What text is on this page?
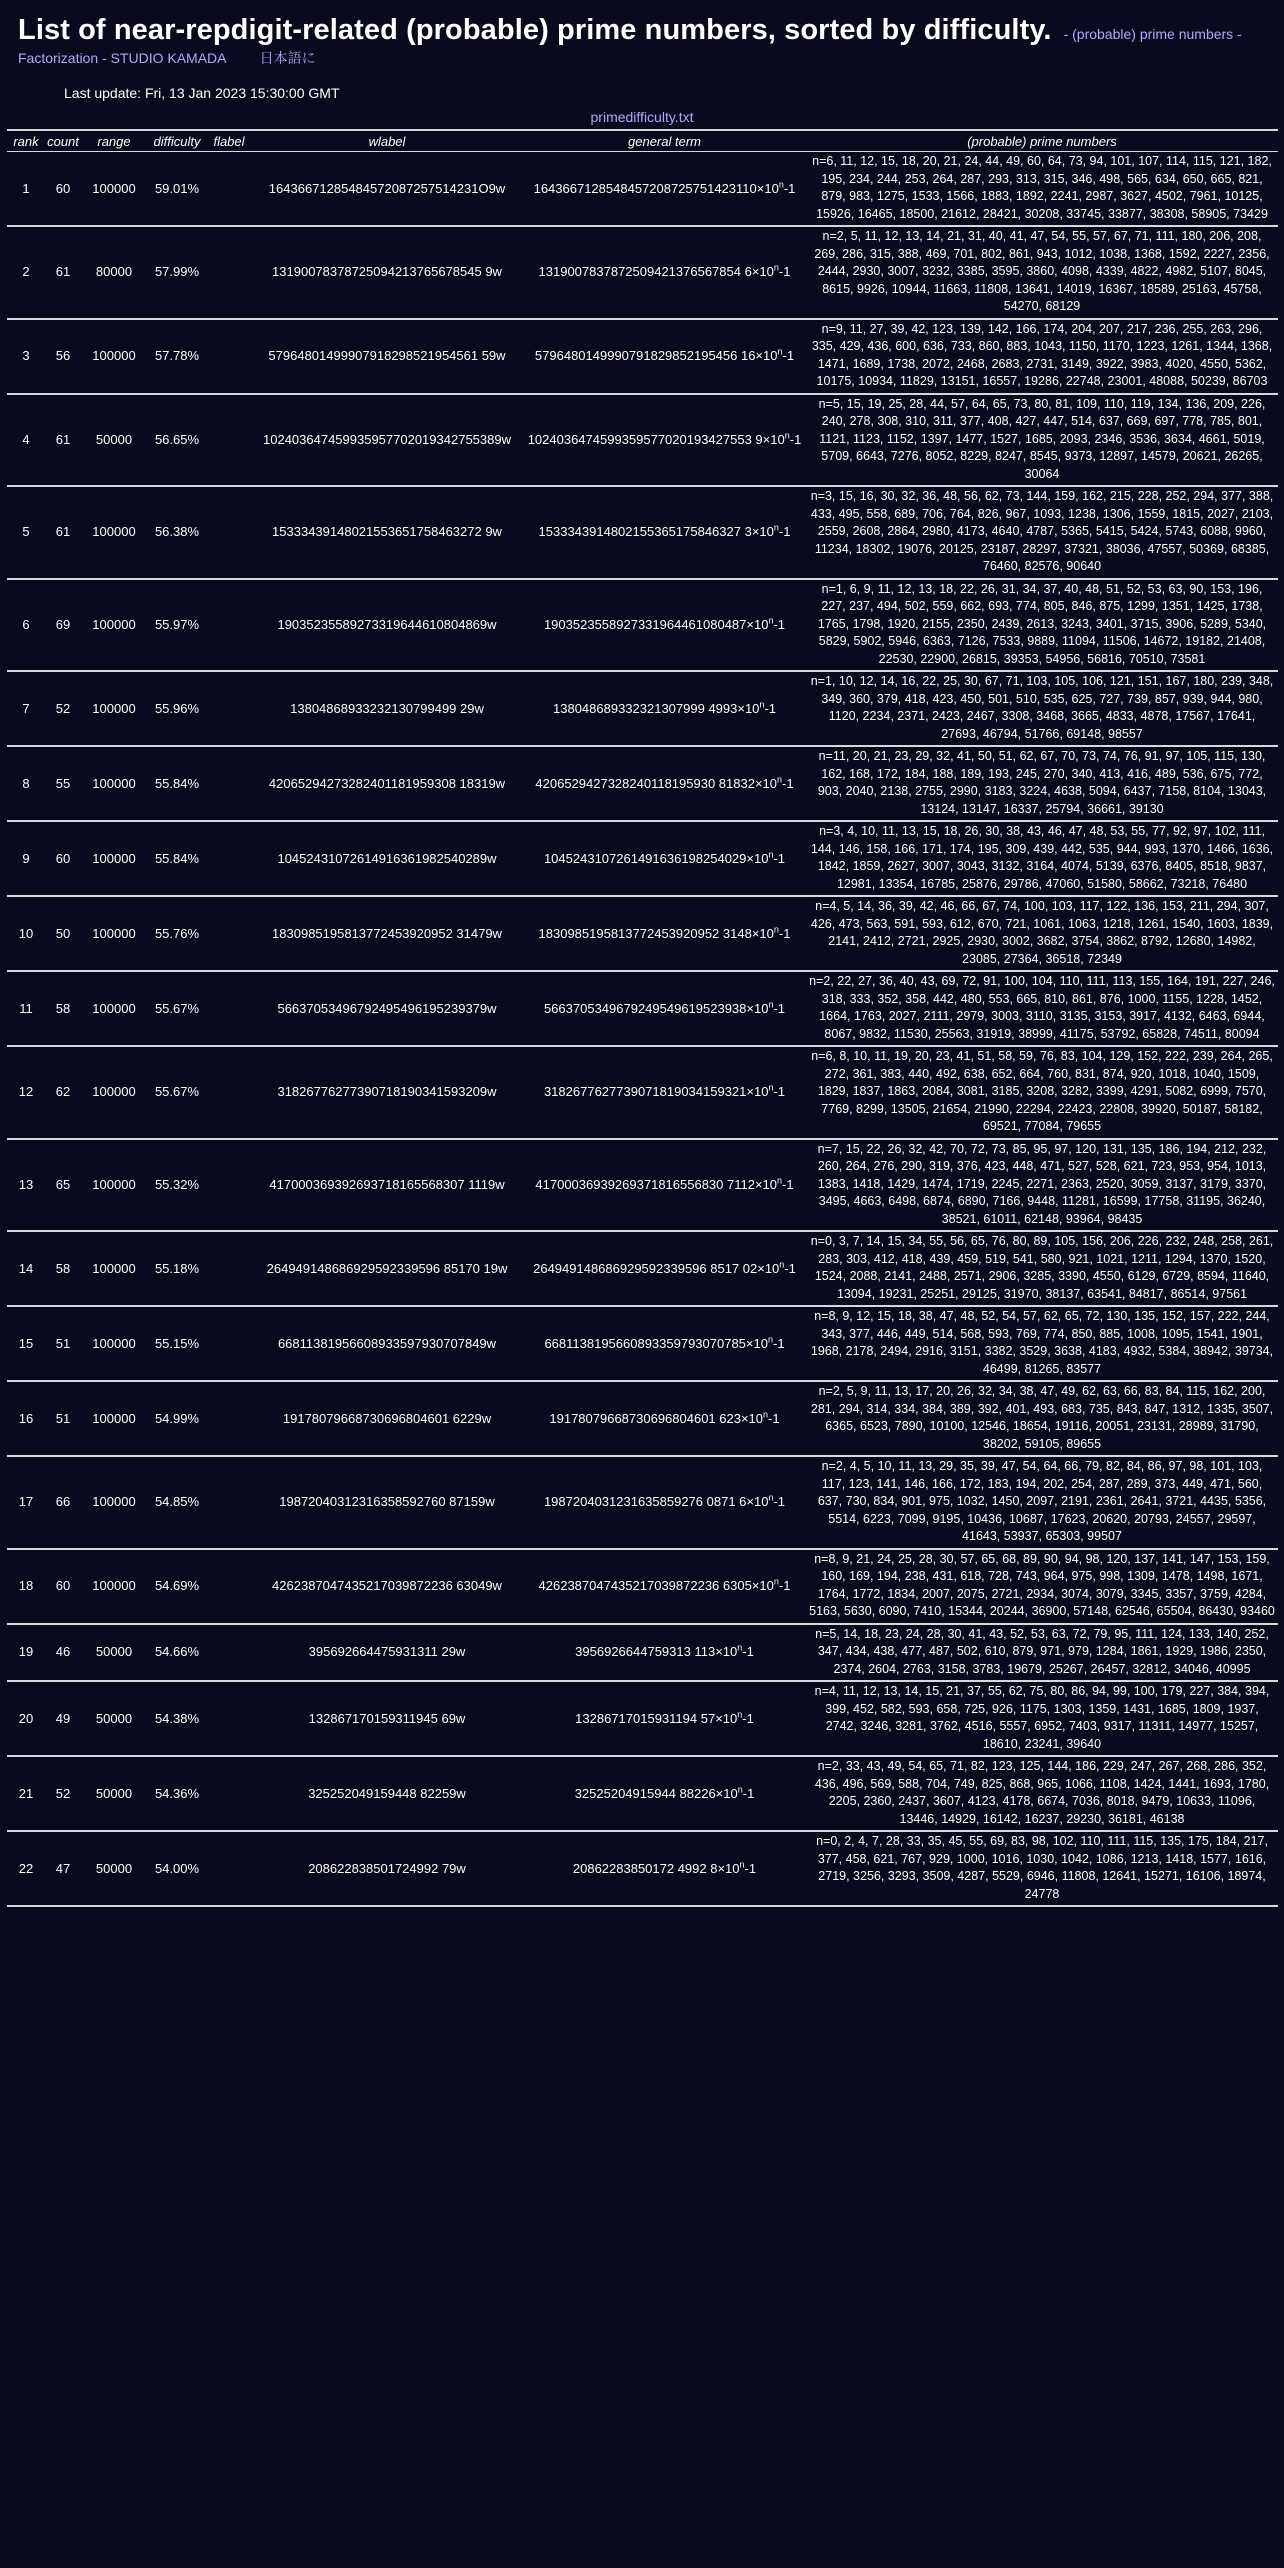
List of near-repdigit-related (probable) prime numbers, sorted by difficulty. - (probable) prime numbers -
Factorization - STUDIO KAMADA 日本語に
Last update: Fri, 13 Jan 2023 15:30:00 GMT
primedifficulty.txt
rank	count	range	difficulty	flabel	wlabel	general term	(probable) prime numbers
1	60	100000	59.01%		16436671285484572087257514231O9w	$1643667128548457208725751423110\times 10^n-1$	n=6, 11, 12, 15, 18, 20, 21, 24, 44, 49, 60, 64, 73, 94, 101, 107, 114, 115, 121, 182, 195, 234, 244, 253, 264, 287, 293, 313, 315, 346, 498, 565, 634, 650, 665, 821, 879, 983, 1275, 1533, 1566, 1883, 1892, 2241, 2987, 3627, 4502, 7961, 10125, 15926, 16465, 18500, 21612, 28421, 30208, 33745, 33877, 38308, 58905, 73429
2	61	80000	57.99%		13190078378725094213765678545 9w	1319007837872509421376567854 $6\times 10^n-1$	n=2, 5, 11, 12, 13, 14, 21, 31, 40, 41, 47, 54, 55, 57, 67, 71, 111, 180, 206, 208, 269, 286, 315, 388, 469, 701, 802, 861, 943, 1012, 1038, 1368, 1592, 2227, 2356, 2444, 2930, 3007, 3232, 3385, 3595, 3860, 4098, 4339, 4822, 4982, 5107, 8045, 8615, 9926, 10944, 11663, 11808, 13641, 14019, 16367, 18589, 25163, 45758, 54270, 68129
3	56	100000	57.78%		57964801499907918298521954561 59w	5796480149990791829852195456 $16\times 10^n-1$	n=9, 11, 27, 39, 42, 123, 139, 142, 166, 174, 204, 207, 217, 236, 255, 263, 296, 335, 429, 436, 600, 636, 733, 860, 883, 1043, 1150, 1170, 1223, 1261, 1344, 1368, 1471, 1689, 1738, 2072, 2468, 2683, 2731, 3149, 3922, 3983, 4020, 4550, 5362, 10175, 10934, 11829, 13151, 16557, 19286, 22748, 23001, 48088, 50239, 86703
4	61	50000	56.65%		102403647459935957702019342755389w	1024036474599359577020193427553 $9\times 10^n-1$	n=5, 15, 19, 25, 28, 44, 57, 64, 65, 73, 80, 81, 109, 110, 119, 134, 136, 209, 226, 240, 278, 308, 310, 311, 377, 408, 427, 447, 514, 637, 669, 697, 778, 785, 801, 1121, 1123, 1152, 1397, 1477, 1527, 1685, 2093, 2346, 3536, 3634, 4661, 5019, 5709, 6643, 7276, 8052, 8229, 8247, 8545, 9373, 12897, 14579, 20621, 26265, 30064
5	61	100000	56.38%		15333439148021553651758463272 9w	1533343914802155365175846327 $3\times 10^n-1$	n=3, 15, 16, 30, 32, 36, 48, 56, 62, 73, 144, 159, 162, 215, 228, 252, 294, 377, 388, 433, 495, 558, 689, 706, 764, 826, 967, 1093, 1238, 1306, 1559, 1815, 2027, 2103, 2559, 2608, 2864, 2980, 4173, 4640, 4787, 5365, 5415, 5424, 5743, 6088, 9960, 11234, 18302, 19076, 20125, 23187, 28297, 37321, 38036, 47557, 50369, 68385, 76460, 82576, 90640
6	69	100000	55.97%		19035235589273319644610804869w	$1903523558927331964461080487\times 10^n-1$	n=1, 6, 9, 11, 12, 13, 18, 22, 26, 31, 34, 37, 40, 48, 51, 52, 53, 63, 90, 153, 196, 227, 237, 494, 502, 559, 662, 693, 774, 805, 846, 875, 1299, 1351, 1425, 1738, 1765, 1798, 1920, 2155, 2350, 2439, 2613, 3243, 3401, 3715, 3906, 5289, 5340, 5829, 5902, 5946, 6363, 7126, 7533, 9889, 11094, 11506, 14672, 19182, 21408, 22530, 22900, 26815, 39353, 54956, 56816, 70510, 73581
7	52	100000	55.96%		13804868933232130799499 29w	138048689332321307999 $4993\times 10^n-1$	n=1, 10, 12, 14, 16, 22, 25, 30, 67, 71, 103, 105, 106, 121, 151, 167, 180, 239, 348, 349, 360, 379, 418, 423, 450, 501, 510, 535, 625, 727, 739, 857, 939, 944, 980, 1120, 2234, 2371, 2423, 2467, 3308, 3468, 3665, 4833, 4878, 17567, 17641, 27693, 46794, 51766, 69148, 98557
8	55	100000	55.84%		42065294273282401181959308 18319w	4206529427328240118195930 $81832\times 10^n-1$	n=11, 20, 21, 23, 29, 32, 41, 50, 51, 62, 67, 70, 73, 74, 76, 91, 97, 105, 115, 130, 162, 168, 172, 184, 188, 189, 193, 245, 270, 340, 413, 416, 489, 536, 675, 772, 903, 2040, 2138, 2755, 2990, 3183, 3224, 4638, 5094, 6437, 7158, 8104, 13043, 13124, 13147, 16337, 25794, 36661, 39130
9	60	100000	55.84%		10452431072614916361982540289w	$1045243107261491636198254029\times 10^n-1$	n=3, 4, 10, 11, 13, 15, 18, 26, 30, 38, 43, 46, 47, 48, 53, 55, 77, 92, 97, 102, 111, 144, 146, 158, 166, 171, 174, 195, 309, 439, 442, 535, 944, 993, 1370, 1466, 1636, 1842, 1859, 2627, 3007, 3043, 3132, 3164, 4074, 5139, 6376, 8405, 8518, 9837, 12981, 13354, 16785, 25876, 29786, 47060, 51580, 58662, 73218, 76480
10	50	100000	55.76%		1830985195813772453920952 31479w	1830985195813772453920952 $3148\times 10^n-1$	n=4, 5, 14, 36, 39, 42, 46, 66, 67, 74, 100, 103, 117, 122, 136, 153, 211, 294, 307, 426, 473, 563, 591, 593, 612, 670, 721, 1061, 1063, 1218, 1261, 1540, 1603, 1839, 2141, 2412, 2721, 2925, 2930, 3002, 3682, 3754, 3862, 8792, 12680, 14982, 23085, 27364, 36518, 72349
11	58	100000	55.67%		56637053496792495496195239379w	$5663705349679249549619523938\times 10^n-1$	n=2, 22, 27, 36, 40, 43, 69, 72, 91, 100, 104, 110, 111, 113, 155, 164, 191, 227, 246, 318, 333, 352, 358, 442, 480, 553, 665, 810, 861, 876, 1000, 1155, 1228, 1452, 1664, 1763, 2027, 2111, 2979, 3003, 3110, 3135, 3153, 3917, 4132, 6463, 6944, 8067, 9832, 11530, 25563, 31919, 38999, 41175, 53792, 65828, 74511, 80094
12	62	100000	55.67%		31826776277390718190341593209w	$3182677627739071819034159321\times 10^n-1$	n=6, 8, 10, 11, 19, 20, 23, 41, 51, 58, 59, 76, 83, 104, 129, 152, 222, 239, 264, 265, 272, 361, 383, 440, 492, 638, 652, 664, 760, 831, 874, 920, 1018, 1040, 1509, 1829, 1837, 1863, 2084, 3081, 3185, 3208, 3282, 3399, 4291, 5082, 6999, 7570, 7769, 8299, 13505, 21654, 21990, 22294, 22423, 22808, 39920, 50187, 58182, 69521, 77084, 79655
13	65	100000	55.32%		417000369392693718165568307 1119w	41700036939269371816556830 $7112\times 10^n-1$	n=7, 15, 22, 26, 32, 42, 70, 72, 73, 85, 95, 97, 120, 131, 135, 186, 194, 212, 232, 260, 264, 276, 290, 319, 376, 423, 448, 471, 527, 528, 621, 723, 953, 954, 1013, 1383, 1418, 1429, 1474, 1719, 2245, 2271, 2363, 2520, 3059, 3137, 3179, 3370, 3495, 4663, 6498, 6874, 6890, 7166, 9448, 11281, 16599, 17758, 31195, 36240, 38521, 61011, 62148, 93964, 98435
14	58	100000	55.18%		264949148686929592339596 85170 19w	264949148686929592339596 8517 $02\times 10^n-1$	n=0, 3, 7, 14, 15, 34, 55, 56, 65, 76, 80, 89, 105, 156, 206, 226, 232, 248, 258, 261, 283, 303, 412, 418, 439, 459, 519, 541, 580, 921, 1021, 1211, 1294, 1370, 1520, 1524, 2088, 2141, 2488, 2571, 2906, 3285, 3390, 4550, 6129, 6729, 8594, 11640, 13094, 19231, 25251, 29125, 31970, 38137, 63541, 84817, 86514, 97561
15	51	100000	55.15%		66811381956608933597930707849w	$6681138195660893359793070785\times 10^n-1$	n=8, 9, 12, 15, 18, 38, 47, 48, 52, 54, 57, 62, 65, 72, 130, 135, 152, 157, 222, 244, 343, 377, 446, 449, 514, 568, 593, 769, 774, 850, 885, 1008, 1095, 1541, 1901, 1968, 2178, 2494, 2916, 3151, 3382, 3529, 3638, 4183, 4932, 5384, 38942, 39734, 46499, 81265, 83577
16	51	100000	54.99%		19178079668730696804601 6229w	19178079668730696804601 $623\times 10^n-1$	n=2, 5, 9, 11, 13, 17, 20, 26, 32, 34, 38, 47, 49, 62, 63, 66, 83, 84, 115, 162, 200, 281, 294, 314, 334, 384, 389, 392, 401, 493, 683, 735, 843, 847, 1312, 1335, 3507, 6365, 6523, 7890, 10100, 12546, 18654, 19116, 20051, 23131, 28989, 31790, 38202, 59105, 89655
17	66	100000	54.85%		19872040312316358592760 87159w	1987204031231635859276 0871 $6\times 10^n-1$	n=2, 4, 5, 10, 11, 13, 29, 35, 39, 47, 54, 64, 66, 79, 82, 84, 86, 97, 98, 101, 103, 117, 123, 141, 146, 166, 172, 183, 194, 202, 254, 287, 289, 373, 449, 471, 560, 637, 730, 834, 901, 975, 1032, 1450, 2097, 2191, 2361, 2641, 3721, 4435, 5356, 5514, 6223, 7099, 9195, 10436, 10687, 17623, 20620, 20793, 24557, 29597, 41643, 53937, 65303, 99507
18	60	100000	54.69%		4262387047435217039872236 63049w	4262387047435217039872236 $6305\times 10^n-1$	n=8, 9, 21, 24, 25, 28, 30, 57, 65, 68, 89, 90, 94, 98, 120, 137, 141, 147, 153, 159, 160, 169, 194, 238, 431, 618, 728, 743, 964, 975, 998, 1309, 1478, 1498, 1671, 1764, 1772, 1834, 2007, 2075, 2721, 2934, 3074, 3079, 3345, 3357, 3759, 4284, 5163, 5630, 6090, 7410, 15344, 20244, 36900, 57148, 62546, 65504, 86430, 93460
19	46	50000	54.66%		395692664475931311 29w	3956926644759313 $113\times 10^n-1$	n=5, 14, 18, 23, 24, 28, 30, 41, 43, 52, 53, 63, 72, 79, 95, 111, 124, 133, 140, 252, 347, 434, 438, 477, 487, 502, 610, 879, 971, 979, 1284, 1861, 1929, 1986, 2350, 2374, 2604, 2763, 3158, 3783, 19679, 25267, 26457, 32812, 34046, 40995
20	49	50000	54.38%		132867170159311945 69w	13286717015931194 $57\times 10^n-1$	n=4, 11, 12, 13, 14, 15, 21, 37, 55, 62, 75, 80, 86, 94, 99, 100, 179, 227, 384, 394, 399, 452, 582, 593, 658, 725, 926, 1175, 1303, 1359, 1431, 1685, 1809, 1937, 2742, 3246, 3281, 3762, 4516, 5557, 6952, 7403, 9317, 11311, 14977, 15257, 18610, 23241, 39640
21	52	50000	54.36%		325252049159448 82259w	32525204915944 $88226\times 10^n-1$	n=2, 33, 43, 49, 54, 65, 71, 82, 123, 125, 144, 186, 229, 247, 267, 268, 286, 352, 436, 496, 569, 588, 704, 749, 825, 868, 965, 1066, 1108, 1424, 1441, 1693, 1780, 2205, 2360, 2437, 3607, 4123, 4178, 6674, 7036, 8018, 9479, 10633, 11096, 13446, 14929, 16142, 16237, 29230, 36181, 46138
22	47	50000	54.00%		208622838501724992 79w	20862283850172 4992 $8\times 10^n-1$	n=0, 2, 4, 7, 28, 33, 35, 45, 55, 69, 83, 98, 102, 110, 111, 115, 135, 175, 184, 217, 377, 458, 621, 767, 929, 1000, 1016, 1030, 1042, 1086, 1213, 1418, 1577, 1616, 2719, 3256, 3293, 3509, 4287, 5529, 6946, 11808, 12641, 15271, 16106, 18974, 24778
